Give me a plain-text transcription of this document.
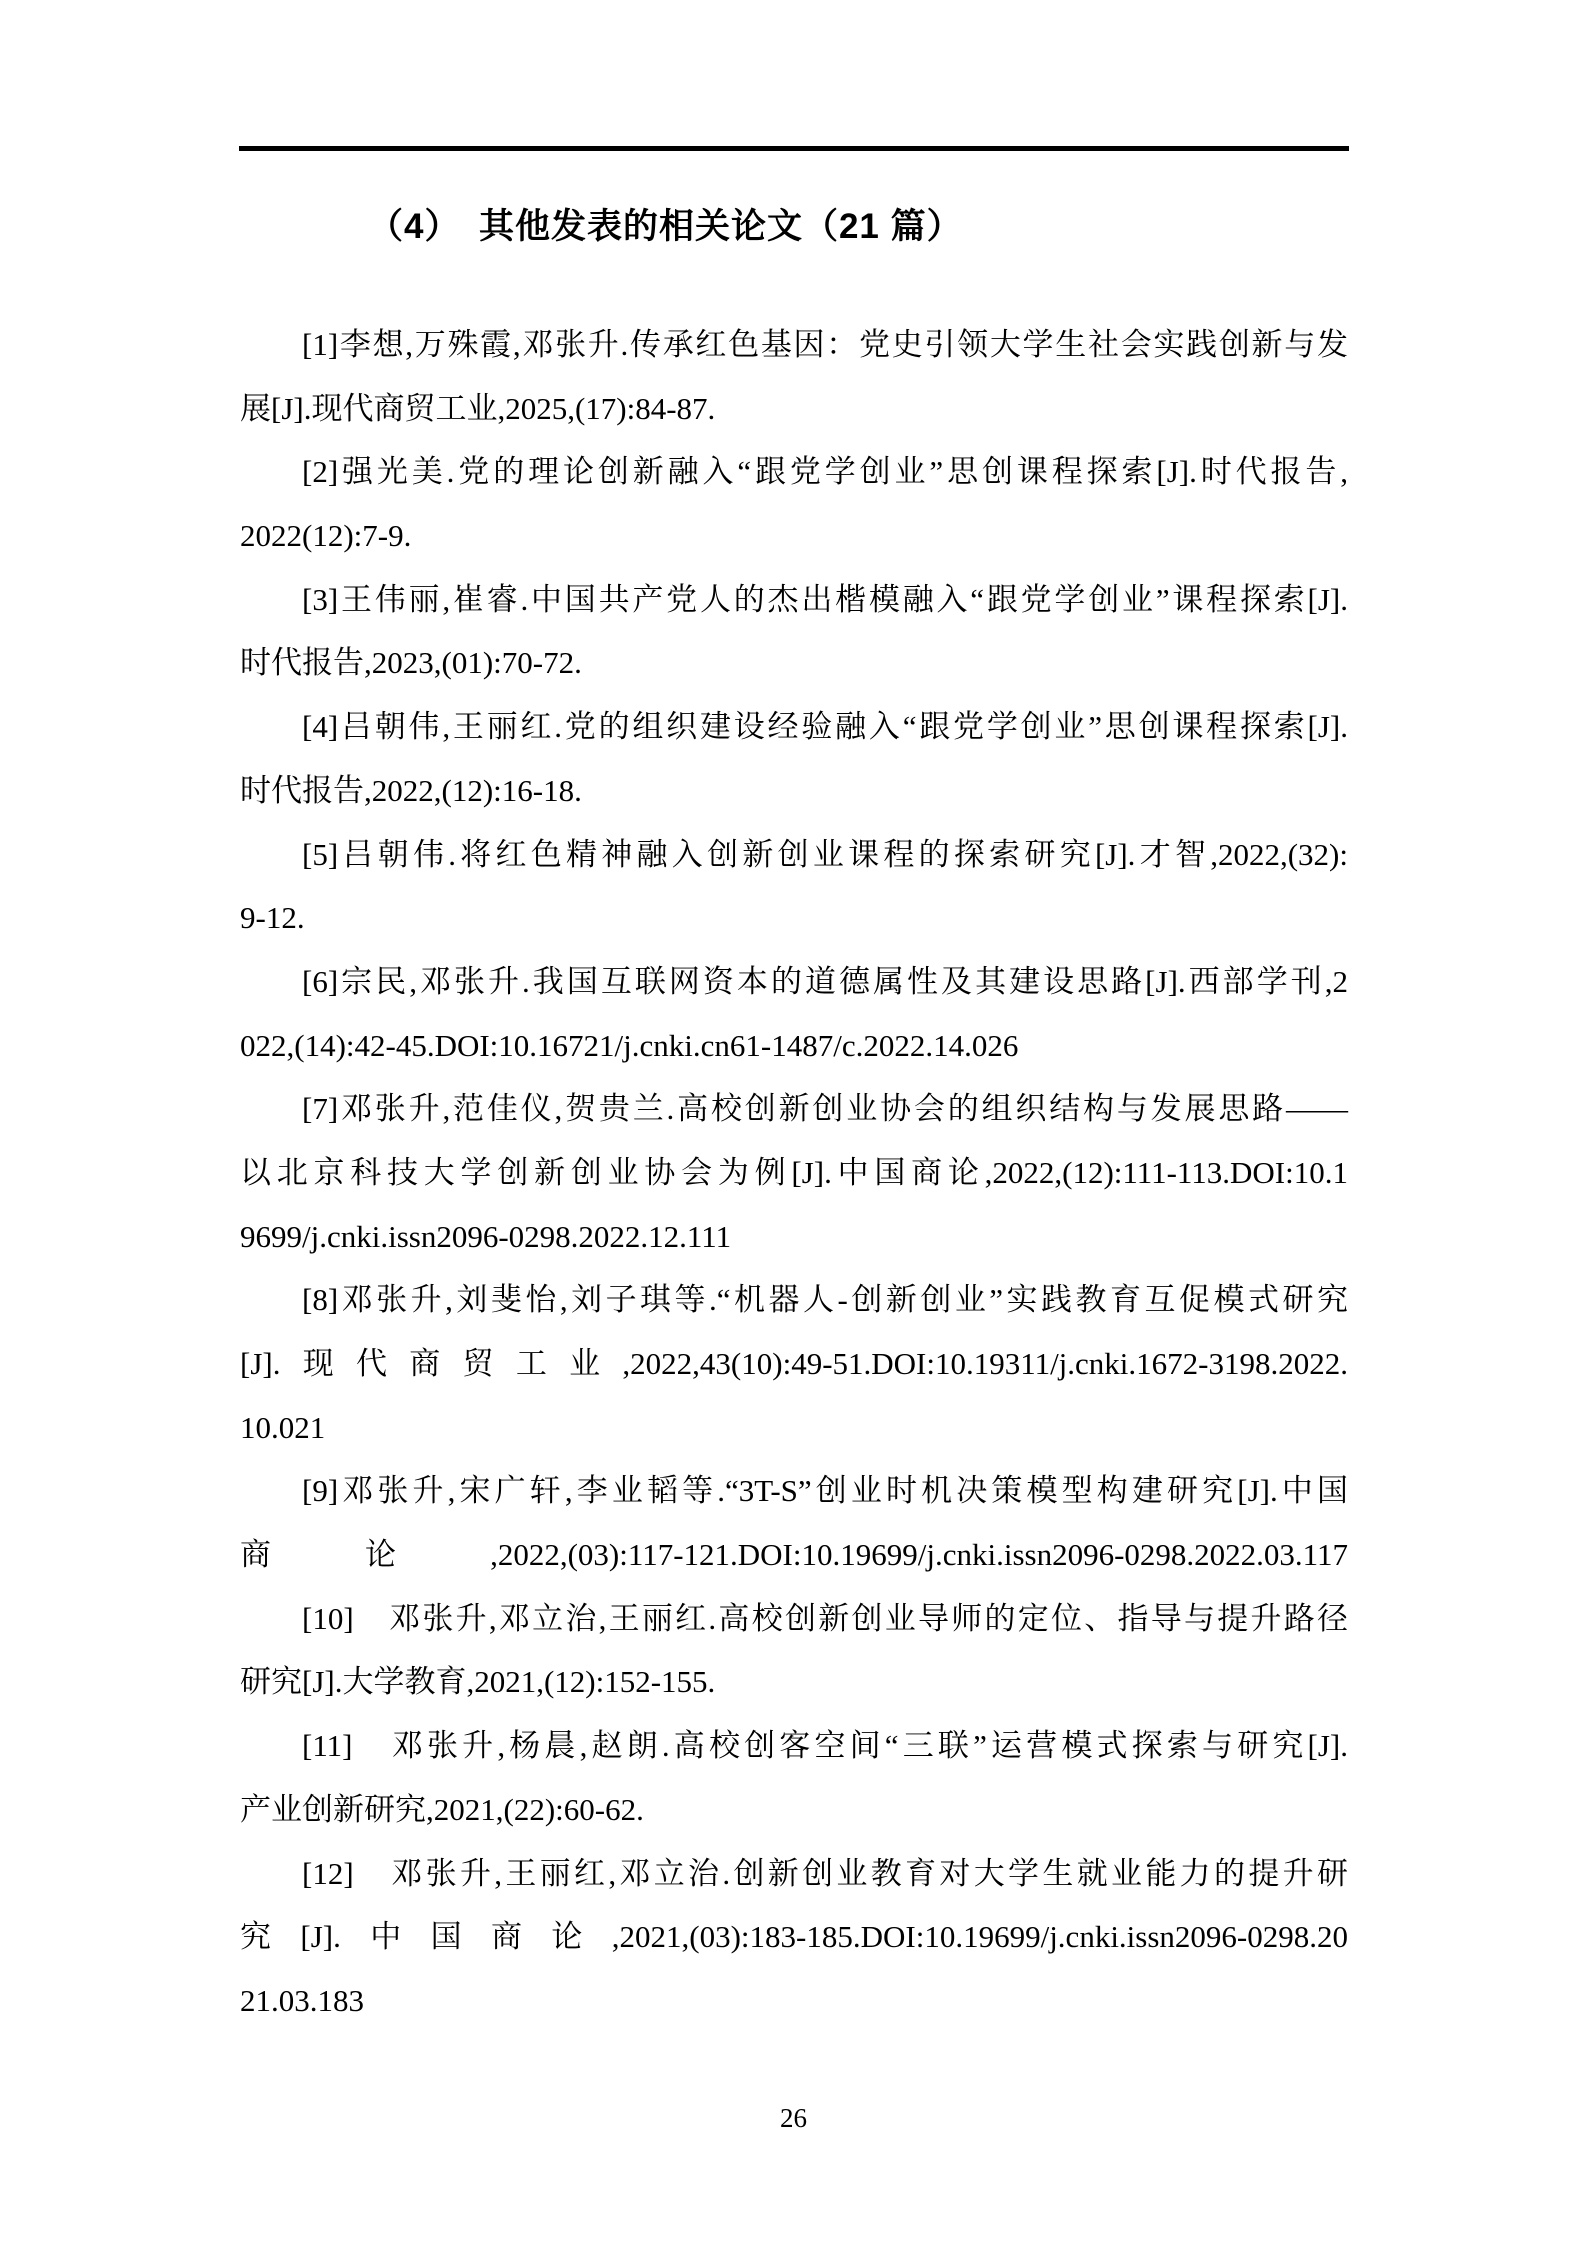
（4）　其他发表的相关论文（21 篇）
[1]李想,万殊霞,邓张升.传承红色基因：党史引领大学生社会实践创新与发
展[J].现代商贸工业,2025,(17):84-87.
[2]强光美.党的理论创新融入“跟党学创业”思创课程探索[J].时代报告,
2022(12):7-9.
[3]王伟丽,崔睿.中国共产党人的杰出楷模融入“跟党学创业”课程探索[J].
时代报告,2023,(01):70-72.
[4]吕朝伟,王丽红.党的组织建设经验融入“跟党学创业”思创课程探索[J].
时代报告,2022,(12):16-18.
[5]吕朝伟.将红色精神融入创新创业课程的探索研究[J].才智,2022,(32):
9-12.
[6]宗民,邓张升.我国互联网资本的道德属性及其建设思路[J].西部学刊,2
022,(14):42-45.DOI:10.16721/j.cnki.cn61-1487/c.2022.14.026
[7]邓张升,范佳仪,贺贵兰.高校创新创业协会的组织结构与发展思路——
以北京科技大学创新创业协会为例[J].中国商论,2022,(12):111-113.DOI:10.1
9699/j.cnki.issn2096-0298.2022.12.111
[8]邓张升,刘斐怡,刘子琪等.“机器人-创新创业”实践教育互促模式研究
[J].现代商贸工业,2022,43(10):49-51.DOI:10.19311/j.cnki.1672-3198.2022.
10.021
[9]邓张升,宋广轩,李业韬等.“3T-S”创业时机决策模型构建研究[J].中国
商论,2022,(03):117-121.DOI:10.19699/j.cnki.issn2096-0298.2022.03.117
[10]　邓张升,邓立治,王丽红.高校创新创业导师的定位、指导与提升路径
研究[J].大学教育,2021,(12):152-155.
[11]　邓张升,杨晨,赵朗.高校创客空间“三联”运营模式探索与研究[J].
产业创新研究,2021,(22):60-62.
[12]　邓张升,王丽红,邓立治.创新创业教育对大学生就业能力的提升研
究[J].中国商论,2021,(03):183-185.DOI:10.19699/j.cnki.issn2096-0298.20
21.03.183
26
